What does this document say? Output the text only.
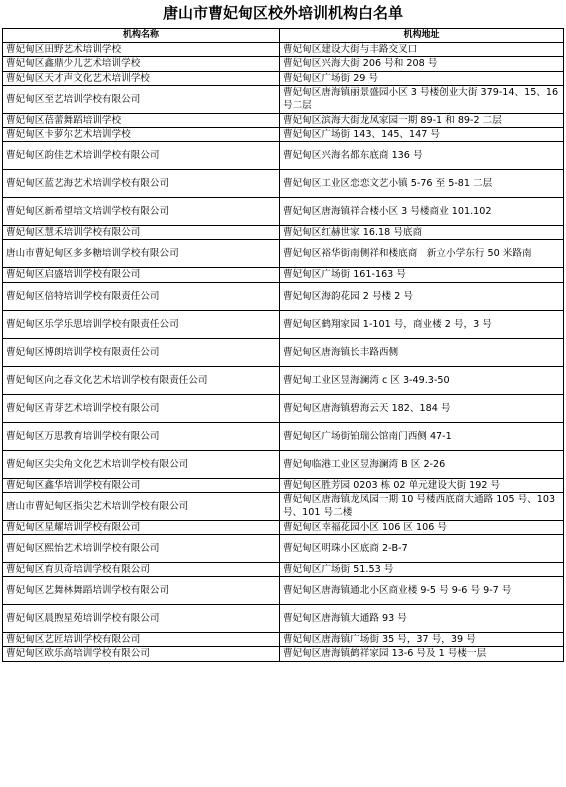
唐山市曹妃甸区校外培训机构白名单
机构名称	机构地址
曹妃甸区田野艺术培训学校	曹妃甸区建设大街与丰路交叉口
曹妃甸区鑫鼎少儿艺术培训学校	曹妃甸区兴海大街 206 号和 208 号
曹妃甸区天才声文化艺术培训学校	曹妃甸区广场街 29 号
曹妃甸区至艺培训学校有限公司	曹妃甸区唐海镇丽景盛园小区 3 号楼创业大街 379-14、15、16 号二层
曹妃甸区蓓蕾舞蹈培训学校	曹妃甸区滨海大街龙凤家园一期 89-1 和 89-2 二层
曹妃甸区卡萝尔艺术培训学校	曹妃甸区广场街 143、145、147 号
曹妃甸区韵佳艺术培训学校有限公司	曹妃甸区兴海名都东底商 136 号
曹妃甸区蓝艺海艺术培训学校有限公司	曹妃甸区工业区恋恋文艺小镇 5-76 至 5-81 二层
曹妃甸区新希望培文培训学校有限公司	曹妃甸区唐海镇祥合楼小区 3 号楼商业 101.102
曹妃甸区慧禾培训学校有限公司	曹妃甸区红赫世家 16.18 号底商
唐山市曹妃甸区多多糖培训学校有限公司	曹妃甸区裕华街南侧祥和楼底商　新立小学东行 50 米路南
曹妃甸区启盛培训学校有限公司	曹妃甸区广场街 161-163 号
曹妃甸区倍特培训学校有限责任公司	曹妃甸区海韵花园 2 号楼 2 号
曹妃甸区乐学乐思培训学校有限责任公司	曹妃甸区鹤翔家园 1-101 号，商业楼 2 号，3 号
曹妃甸区博朗培训学校有限责任公司	曹妃甸区唐海镇长丰路西侧
曹妃甸区向之春文化艺术培训学校有限责任公司	曹妃甸工业区昱海澜湾 c 区 3-49.3-50
曹妃甸区青芽艺术培训学校有限公司	曹妃甸区唐海镇碧海云天 182、184 号
曹妃甸区万思教育培训学校有限公司	曹妃甸区广场街铂瑞公馆南门西侧 47-1
曹妃甸区尖尖角文化艺术培训学校有限公司	曹妃甸临港工业区昱海澜湾 B 区 2-26
曹妃甸区鑫华培训学校有限公司	曹妃甸区胜芳园 0203 栋 02 单元建设大街 192 号
唐山市曹妃甸区指尖艺术培训学校有限公司	曹妃甸区唐海镇龙凤园一期 10 号楼西底商大通路 105 号、103 号、101 号二楼
曹妃甸区星耀培训学校有限公司	曹妃甸区幸福花园小区 106 区 106 号
曹妃甸区熙怡艺术培训学校有限公司	曹妃甸区明珠小区底商 2-B-7
曹妃甸区育贝奇培训学校有限公司	曹妃甸区广场街 51.53 号
曹妃甸区艺舞林舞蹈培训学校有限公司	曹妃甸区唐海镇通北小区商业楼 9-5 号 9-6 号 9-7 号
曹妃甸区晨煦星苑培训学校有限公司	曹妃甸区唐海镇大通路 93 号
曹妃甸区艺匠培训学校有限公司	曹妃甸区唐海镇广场街 35 号，37 号，39 号
曹妃甸区欧乐高培训学校有限公司	曹妃甸区唐海镇鹤祥家园 13-6 号及 1 号楼一层
